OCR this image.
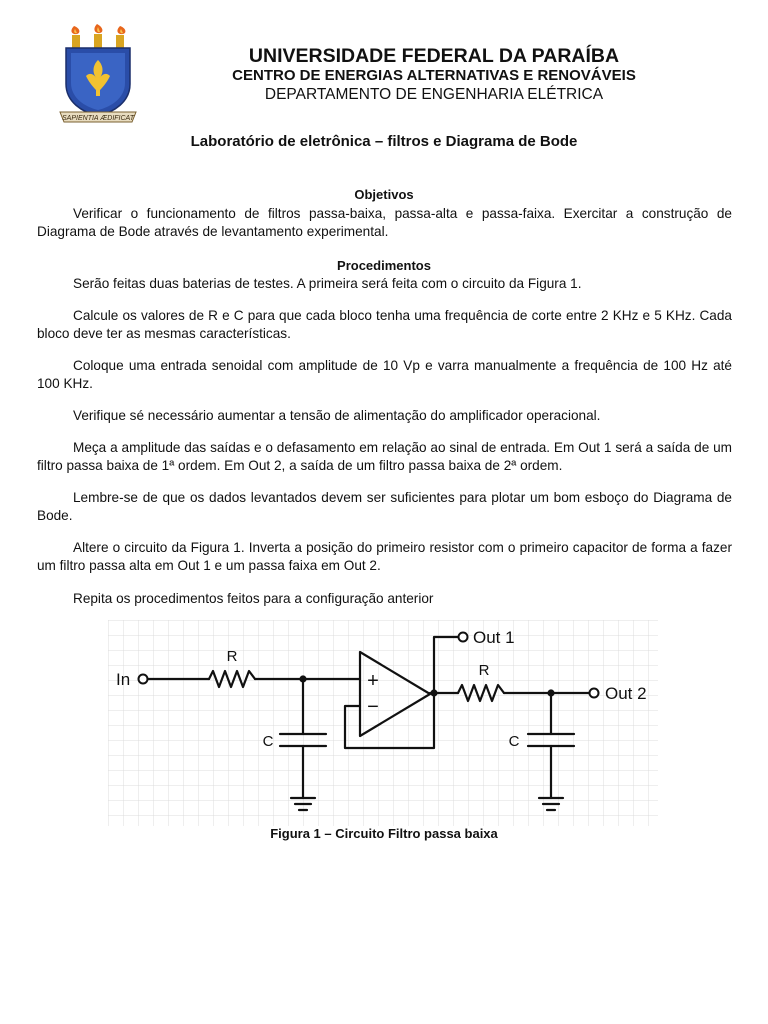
SAPIENTIA ÆDIFICAT
UNIVERSIDADE FEDERAL DA PARAÍBA
CENTRO DE ENERGIAS ALTERNATIVAS E RENOVÁVEIS
DEPARTAMENTO DE ENGENHARIA ELÉTRICA
Laboratório de eletrônica – filtros e Diagrama de Bode
Objetivos
Verificar o funcionamento de filtros passa-baixa, passa-alta e passa-faixa. Exercitar a construção de Diagrama de Bode através de levantamento experimental.
Procedimentos
Serão feitas duas baterias de testes. A primeira será feita com o circuito da Figura 1.
Calcule os valores de R e C para que cada bloco tenha uma frequência de corte entre 2 KHz e 5 KHz. Cada bloco deve ter as mesmas características.
Coloque uma entrada senoidal com amplitude de 10 Vp e varra manualmente a frequência de 100 Hz até 100 KHz.
Verifique sé necessário aumentar a tensão de alimentação do amplificador operacional.
Meça a amplitude das saídas e o defasamento em relação ao sinal de entrada. Em Out 1 será a saída de um filtro passa baixa de 1ª ordem. Em Out 2, a saída de um filtro passa baixa de 2ª ordem.
Lembre-se de que os dados levantados devem ser suficientes para plotar um bom esboço do Diagrama de Bode.
Altere o circuito da Figura 1. Inverta a posição do primeiro resistor com o primeiro capacitor de forma a fazer um filtro passa alta em Out 1 e um passa faixa em Out 2.
Repita os procedimentos feitos para a configuração anterior
In
R
C
+
−
Out 1
R
Out 2
C
Figura 1 – Circuito Filtro passa baixa
